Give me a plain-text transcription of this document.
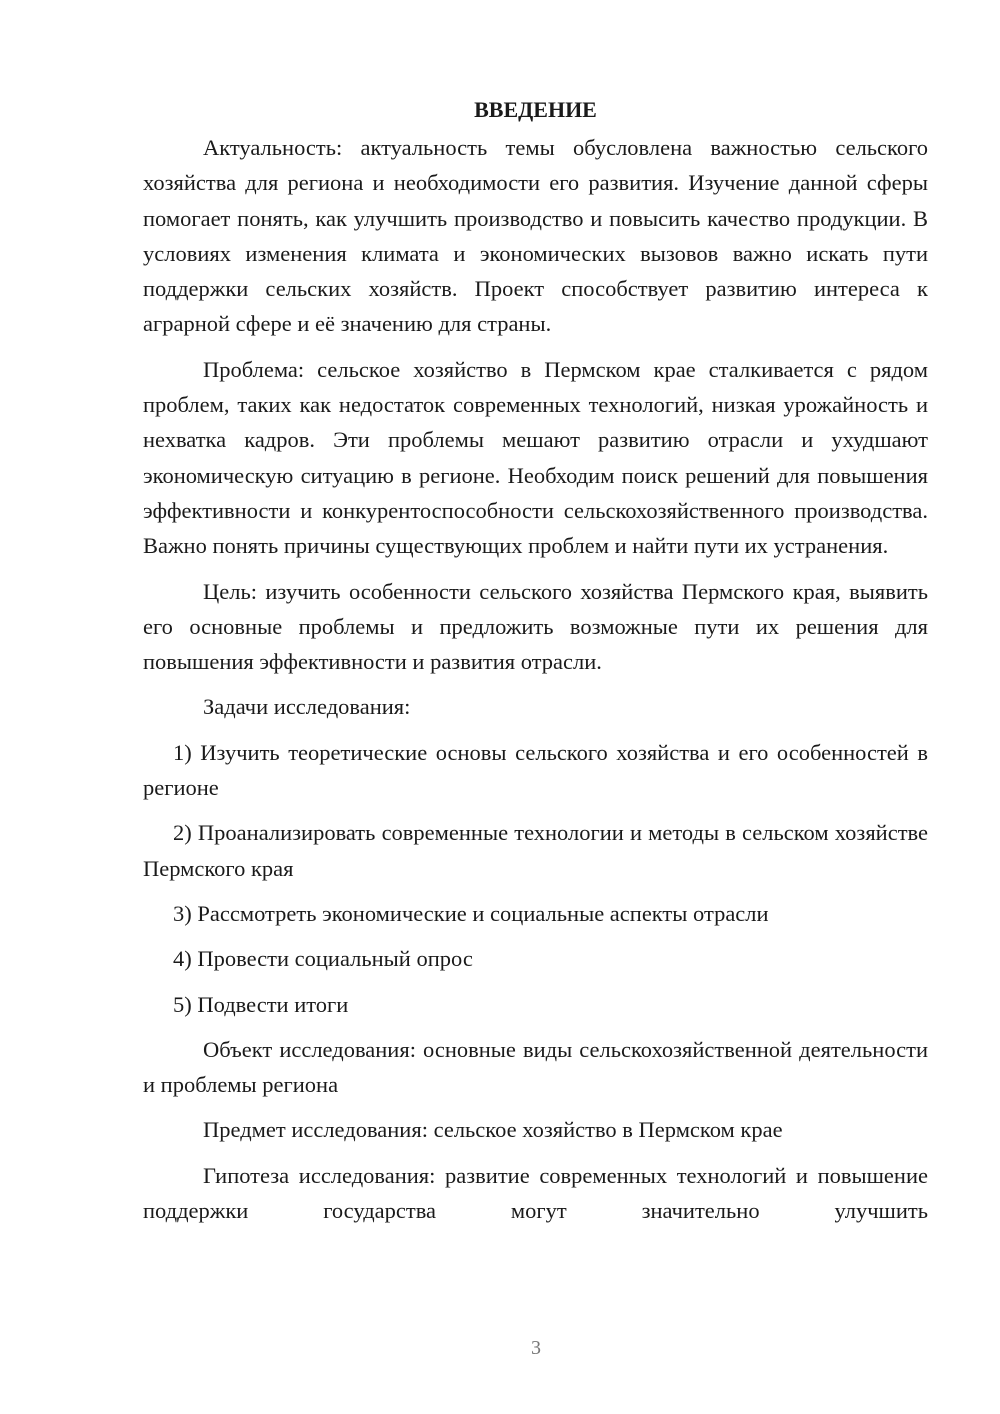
ВВЕДЕНИЕ

Актуальность: актуальность темы обусловлена важностью сельского хозяйства для региона и необходимости его развития. Изучение данной сферы помогает понять, как улучшить производство и повысить качество продукции. В условиях изменения климата и экономических вызовов важно искать пути поддержки сельских хозяйств. Проект способствует развитию интереса к аграрной сфере и её значению для страны.

Проблема: сельское хозяйство в Пермском крае сталкивается с рядом проблем, таких как недостаток современных технологий, низкая урожайность и нехватка кадров. Эти проблемы мешают развитию отрасли и ухудшают экономическую ситуацию в регионе. Необходим поиск решений для повышения эффективности и конкурентоспособности сельскохозяйственного производства. Важно понять причины существующих проблем и найти пути их устранения.

Цель: изучить особенности сельского хозяйства Пермского края, выявить его основные проблемы и предложить возможные пути их решения для повышения эффективности и развития отрасли.

Задачи исследования:

1) Изучить теоретические основы сельского хозяйства и его особенностей в регионе
2) Проанализировать современные технологии и методы в сельском хозяйстве Пермского края
3) Рассмотреть экономические и социальные аспекты отрасли
4) Провести социальный опрос
5) Подвести итоги

Объект исследования: основные виды сельскохозяйственной деятельности и проблемы региона

Предмет исследования: сельское хозяйство в Пермском крае

Гипотеза исследования: развитие современных технологий и повышение поддержки государства могут значительно улучшить

3
